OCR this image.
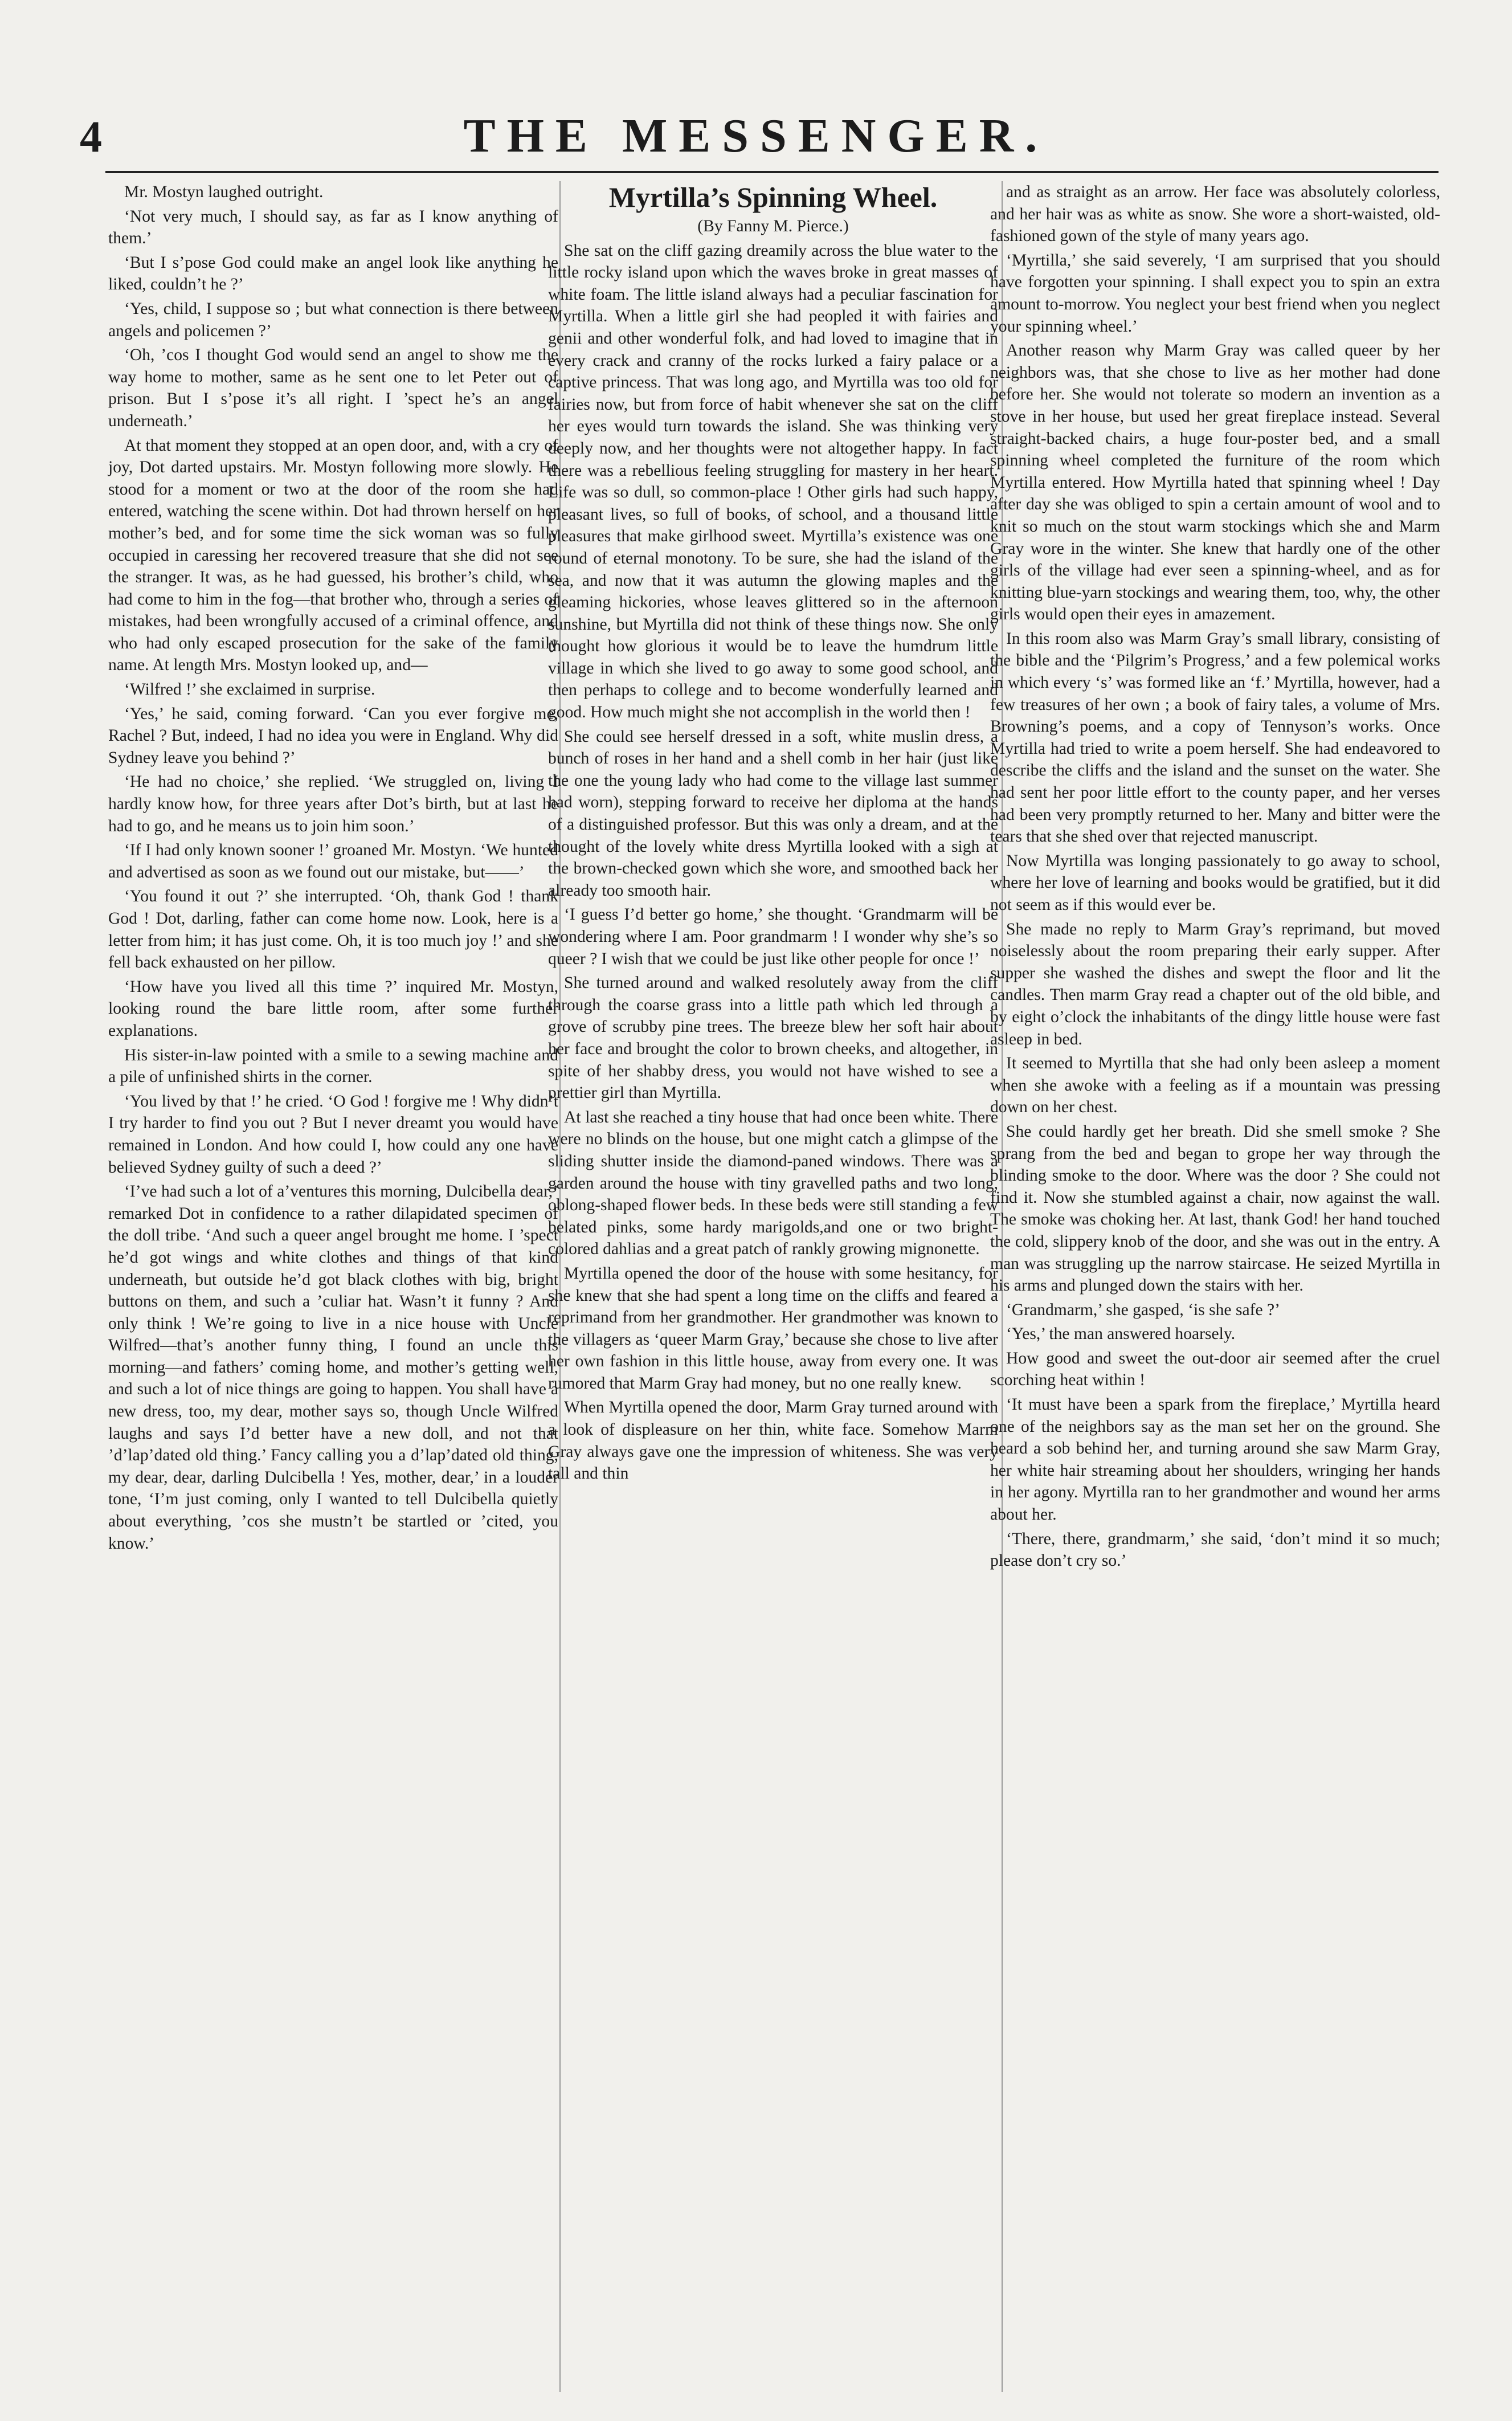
4	THE MESSENGER.

Mr. Mostyn laughed outright.

‘Not very much, I should say, as far as I know anything of them.’

‘But I s’pose God could make an angel look like anything he liked, couldn’t he ?’

‘Yes, child, I suppose so ; but what connection is there between angels and policemen ?’

‘Oh, ’cos I thought God would send an angel to show me the way home to mother, same as he sent one to let Peter out of prison. But I s’pose it’s all right. I ’spect he’s an angel underneath.’

At that moment they stopped at an open door, and, with a cry of joy, Dot darted upstairs. Mr. Mostyn following more slowly. He stood for a moment or two at the door of the room she had entered, watching the scene within. Dot had thrown herself on her mother’s bed, and for some time the sick woman was so fully occupied in caressing her recovered treasure that she did not see the stranger. It was, as he had guessed, his brother’s child, who had come to him in the fog—that brother who, through a series of mistakes, had been wrongfully accused of a criminal offence, and who had only escaped prosecution for the sake of the family name. At length Mrs. Mostyn looked up, and—

‘Wilfred !’ she exclaimed in surprise.

‘Yes,’ he said, coming forward. ‘Can you ever forgive me, Rachel ? But, indeed, I had no idea you were in England. Why did Sydney leave you behind ?’

‘He had no choice,’ she replied. ‘We struggled on, living I hardly know how, for three years after Dot’s birth, but at last he had to go, and he means us to join him soon.’

‘If I had only known sooner !’ groaned Mr. Mostyn. ‘We hunted and advertised as soon as we found out our mistake, but——’

‘You found it out ?’ she interrupted. ‘Oh, thank God ! thank God ! Dot, darling, father can come home now. Look, here is a letter from him; it has just come. Oh, it is too much joy !’ and she fell back exhausted on her pillow.

‘How have you lived all this time ?’ inquired Mr. Mostyn, looking round the bare little room, after some further explanations.

His sister-in-law pointed with a smile to a sewing machine and a pile of unfinished shirts in the corner.

‘You lived by that !’ he cried. ‘O God ! forgive me ! Why didn’t I try harder to find you out ? But I never dreamt you would have remained in London. And how could I, how could any one have believed Sydney guilty of such a deed ?’

‘I’ve had such a lot of a’ventures this morning, Dulcibella dear,’ remarked Dot in confidence to a rather dilapidated specimen of the doll tribe. ‘And such a queer angel brought me home. I ’spect he’d got wings and white clothes and things of that kind underneath, but outside he’d got black clothes with big, bright buttons on them, and such a ’culiar hat. Wasn’t it funny ? And only think ! We’re going to live in a nice house with Uncle Wilfred—that’s another funny thing, I found an uncle this morning—and fathers’ coming home, and mother’s getting well, and such a lot of nice things are going to happen. You shall have a new dress, too, my dear, mother says so, though Uncle Wilfred laughs and says I’d better have a new doll, and not that ’d’lap’dated old thing.’ Fancy calling you a d’lap’dated old thing, my dear, dear, darling Dulcibella ! Yes, mother, dear,’ in a louder tone, ‘I’m just coming, only I wanted to tell Dulcibella quietly about everything, ’cos she mustn’t be startled or ’cited, you know.’

Myrtilla’s Spinning Wheel.
(By Fanny M. Pierce.)

She sat on the cliff gazing dreamily across the blue water to the little rocky island upon which the waves broke in great masses of white foam. The little island always had a peculiar fascination for Myrtilla. When a little girl she had peopled it with fairies and genii and other wonderful folk, and had loved to imagine that in every crack and cranny of the rocks lurked a fairy palace or a captive princess. That was long ago, and Myrtilla was too old for fairies now, but from force of habit whenever she sat on the cliff her eyes would turn towards the island. She was thinking very deeply now, and her thoughts were not altogether happy. In fact there was a rebellious feeling struggling for mastery in her heart. Life was so dull, so common-place ! Other girls had such happy, pleasant lives, so full of books, of school, and a thousand little pleasures that make girlhood sweet. Myrtilla’s existence was one round of eternal monotony. To be sure, she had the island of the sea, and now that it was autumn the glowing maples and the gleaming hickories, whose leaves glittered so in the afternoon sunshine, but Myrtilla did not think of these things now. She only thought how glorious it would be to leave the humdrum little village in which she lived to go away to some good school, and then perhaps to college and to become wonderfully learned and good. How much might she not accomplish in the world then !

She could see herself dressed in a soft, white muslin dress, a bunch of roses in her hand and a shell comb in her hair (just like the one the young lady who had come to the village last summer had worn), stepping forward to receive her diploma at the hands of a distinguished professor. But this was only a dream, and at the thought of the lovely white dress Myrtilla looked with a sigh at the brown-checked gown which she wore, and smoothed back her already too smooth hair.

‘I guess I’d better go home,’ she thought. ‘Grandmarm will be wondering where I am. Poor grandmarm ! I wonder why she’s so queer ? I wish that we could be just like other people for once !’

She turned around and walked resolutely away from the cliff through the coarse grass into a little path which led through a grove of scrubby pine trees. The breeze blew her soft hair about her face and brought the color to brown cheeks, and altogether, in spite of her shabby dress, you would not have wished to see a prettier girl than Myrtilla.

At last she reached a tiny house that had once been white. There were no blinds on the house, but one might catch a glimpse of the sliding shutter inside the diamond-paned windows. There was a garden around the house with tiny gravelled paths and two long, oblong-shaped flower beds. In these beds were still standing a few belated pinks, some hardy marigolds,and one or two bright-colored dahlias and a great patch of rankly growing mignonette.

Myrtilla opened the door of the house with some hesitancy, for she knew that she had spent a long time on the cliffs and feared a reprimand from her grandmother. Her grandmother was known to the villagers as ‘queer Marm Gray,’ because she chose to live after her own fashion in this little house, away from every one. It was rumored that Marm Gray had money, but no one really knew.

When Myrtilla opened the door, Marm Gray turned around with a look of displeasure on her thin, white face. Somehow Marm Gray always gave one the impression of whiteness. She was very tall and thin

and as straight as an arrow. Her face was absolutely colorless, and her hair was as white as snow. She wore a short-waisted, old-fashioned gown of the style of many years ago.

‘Myrtilla,’ she said severely, ‘I am surprised that you should have forgotten your spinning. I shall expect you to spin an extra amount to-morrow. You neglect your best friend when you neglect your spinning wheel.’

Another reason why Marm Gray was called queer by her neighbors was, that she chose to live as her mother had done before her. She would not tolerate so modern an invention as a stove in her house, but used her great fireplace instead. Several straight-backed chairs, a huge four-poster bed, and a small spinning wheel completed the furniture of the room which Myrtilla entered. How Myrtilla hated that spinning wheel ! Day after day she was obliged to spin a certain amount of wool and to knit so much on the stout warm stockings which she and Marm Gray wore in the winter. She knew that hardly one of the other girls of the village had ever seen a spinning-wheel, and as for knitting blue-yarn stockings and wearing them, too, why, the other girls would open their eyes in amazement.

In this room also was Marm Gray’s small library, consisting of the bible and the ‘Pilgrim’s Progress,’ and a few polemical works in which every ‘s’ was formed like an ‘f.’ Myrtilla, however, had a few treasures of her own ; a book of fairy tales, a volume of Mrs. Browning’s poems, and a copy of Tennyson’s works. Once Myrtilla had tried to write a poem herself. She had endeavored to describe the cliffs and the island and the sunset on the water. She had sent her poor little effort to the county paper, and her verses had been very promptly returned to her. Many and bitter were the tears that she shed over that rejected manuscript.

Now Myrtilla was longing passionately to go away to school, where her love of learning and books would be gratified, but it did not seem as if this would ever be.

She made no reply to Marm Gray’s reprimand, but moved noiselessly about the room preparing their early supper. After supper she washed the dishes and swept the floor and lit the candles. Then marm Gray read a chapter out of the old bible, and by eight o’clock the inhabitants of the dingy little house were fast asleep in bed.

It seemed to Myrtilla that she had only been asleep a moment when she awoke with a feeling as if a mountain was pressing down on her chest.

She could hardly get her breath. Did she smell smoke ? She sprang from the bed and began to grope her way through the blinding smoke to the door. Where was the door ? She could not find it. Now she stumbled against a chair, now against the wall. The smoke was choking her. At last, thank God! her hand touched the cold, slippery knob of the door, and she was out in the entry. A man was struggling up the narrow staircase. He seized Myrtilla in his arms and plunged down the stairs with her.

‘Grandmarm,’ she gasped, ‘is she safe ?’

‘Yes,’ the man answered hoarsely.

How good and sweet the out-door air seemed after the cruel scorching heat within !

‘It must have been a spark from the fireplace,’ Myrtilla heard one of the neighbors say as the man set her on the ground. She heard a sob behind her, and turning around she saw Marm Gray, her white hair streaming about her shoulders, wringing her hands in her agony. Myrtilla ran to her grandmother and wound her arms about her.

‘There, there, grandmarm,’ she said, ‘don’t mind it so much; please don’t cry so.’
